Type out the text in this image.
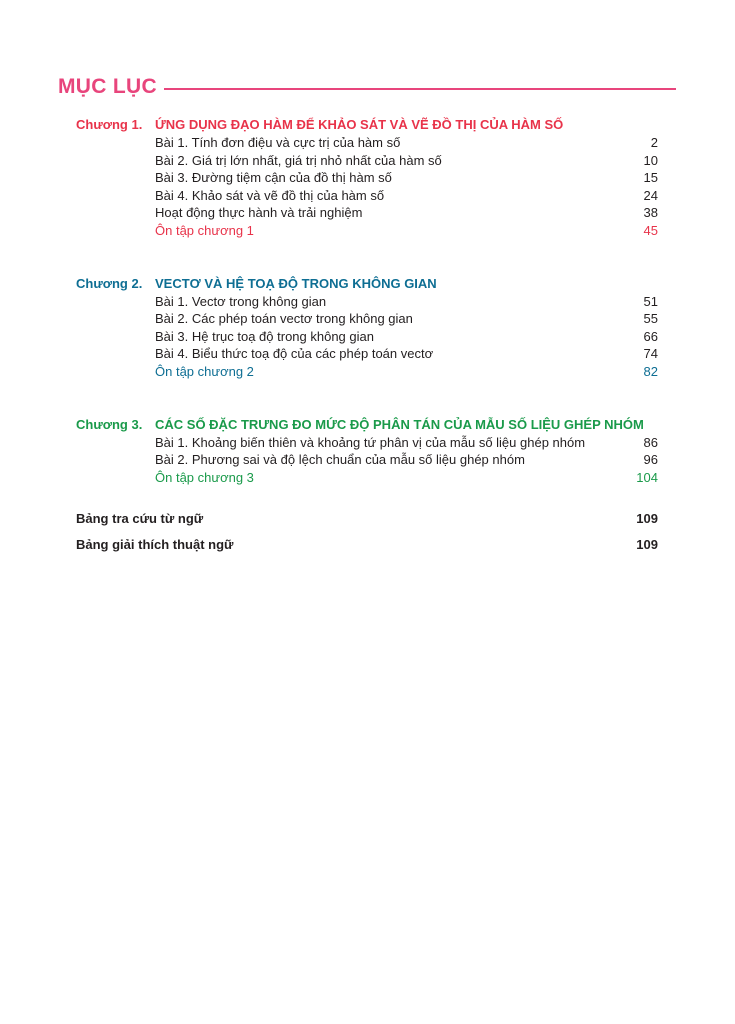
MỤC LỤC
Chương 1. ỨNG DỤNG ĐẠO HÀM ĐỂ KHẢO SÁT VÀ VẼ ĐỒ THỊ CỦA HÀM SỐ
Bài 1. Tính đơn điệu và cực trị của hàm số	2
Bài 2. Giá trị lớn nhất, giá trị nhỏ nhất của hàm số	10
Bài 3. Đường tiệm cận của đồ thị hàm số	15
Bài 4. Khảo sát và vẽ đồ thị của hàm số	24
Hoạt động thực hành và trải nghiệm	38
Ôn tập chương 1	45
Chương 2. VECTƠ VÀ HỆ TOẠ ĐỘ TRONG KHÔNG GIAN
Bài 1. Vectơ trong không gian	51
Bài 2. Các phép toán vectơ trong không gian	55
Bài 3. Hệ trục toạ độ trong không gian	66
Bài 4. Biểu thức toạ độ của các phép toán vectơ	74
Ôn tập chương 2	82
Chương 3. CÁC SỐ ĐẶC TRƯNG ĐO MỨC ĐỘ PHÂN TÁN CỦA MẪU SỐ LIỆU GHÉP NHÓM
Bài 1. Khoảng biến thiên và khoảng tứ phân vị của mẫu số liệu ghép nhóm	86
Bài 2. Phương sai và độ lệch chuẩn của mẫu số liệu ghép nhóm	96
Ôn tập chương 3	104
Bảng tra cứu từ ngữ	109
Bảng giải thích thuật ngữ	109
